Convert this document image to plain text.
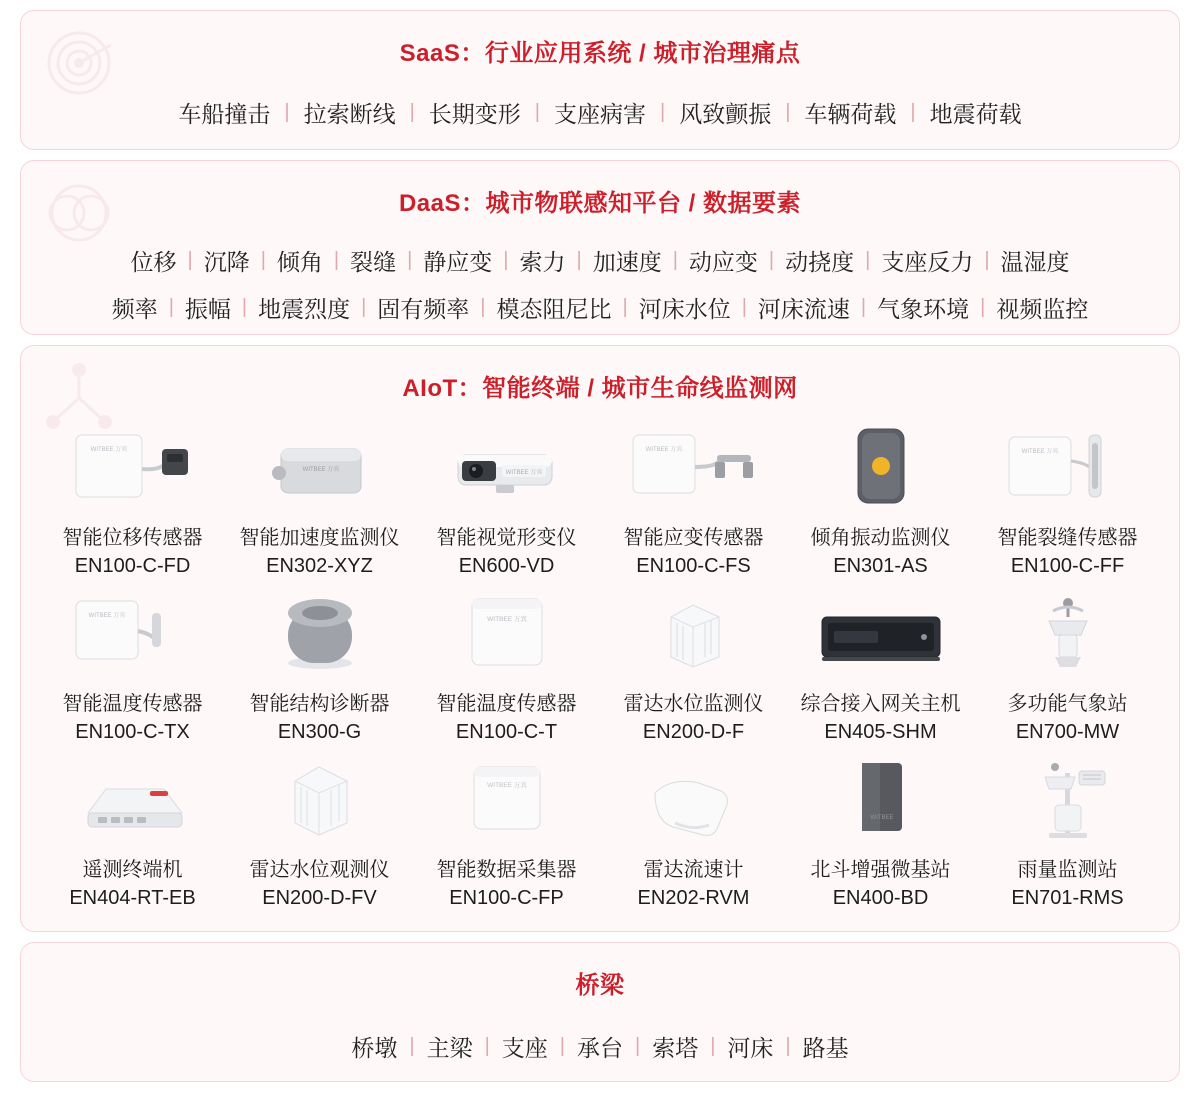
SaaS：行业应用系统 / 城市治理痛点
车船撞击 | 拉索断线 | 长期变形 | 支座病害 | 风致颤振 | 车辆荷载 | 地震荷载
DaaS：城市物联感知平台 / 数据要素
位移 | 沉降 | 倾角 | 裂缝 | 静应变 | 索力 | 加速度 | 动应变 | 动挠度 | 支座反力 | 温湿度
频率 | 振幅 | 地震烈度 | 固有频率 | 模态阻尼比 | 河床水位 | 河床流速 | 气象环境 | 视频监控
AIoT：智能终端 / 城市生命线监测网
WITBEE 万宾
智能位移传感器
EN100-C-FD
WITBEE 万宾
智能加速度监测仪
EN302-XYZ
WITBEE 万宾
智能视觉形变仪
EN600-VD
WITBEE 万宾
智能应变传感器
EN100-C-FS
倾角振动监测仪
EN301-AS
WITBEE 万宾
智能裂缝传感器
EN100-C-FF
WITBEE 万宾
智能温度传感器
EN100-C-TX
智能结构诊断器
EN300-G
WITBEE 万宾
智能温度传感器
EN100-C-T
雷达水位监测仪
EN200-D-F
综合接入网关主机
EN405-SHM
多功能气象站
EN700-MW
遥测终端机
EN404-RT-EB
雷达水位观测仪
EN200-D-FV
WITBEE 万宾
智能数据采集器
EN100-C-FP
雷达流速计
EN202-RVM
WITBEE
北斗增强微基站
EN400-BD
雨量监测站
EN701-RMS
桥梁
桥墩 | 主梁 | 支座 | 承台 | 索塔 | 河床 | 路基
